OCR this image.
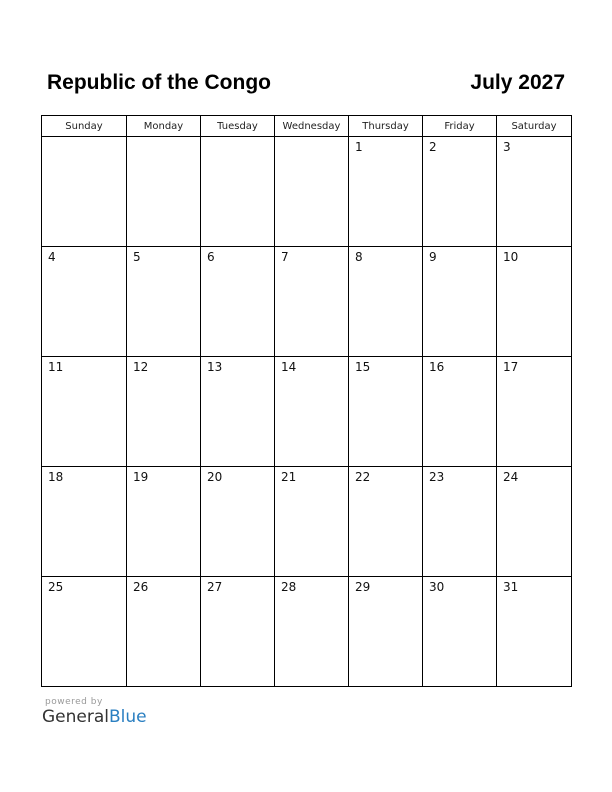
Republic of the Congo	July 2027
Sunday	Monday	Tuesday	Wednesday	Thursday	Friday	Saturday

				1	2	3

4	5	6	7	8	9	10

11	12	13	14	15	16	17

18	19	20	21	22	23	24

25	26	27	28	29	30	31
powered by
GeneralBlue
